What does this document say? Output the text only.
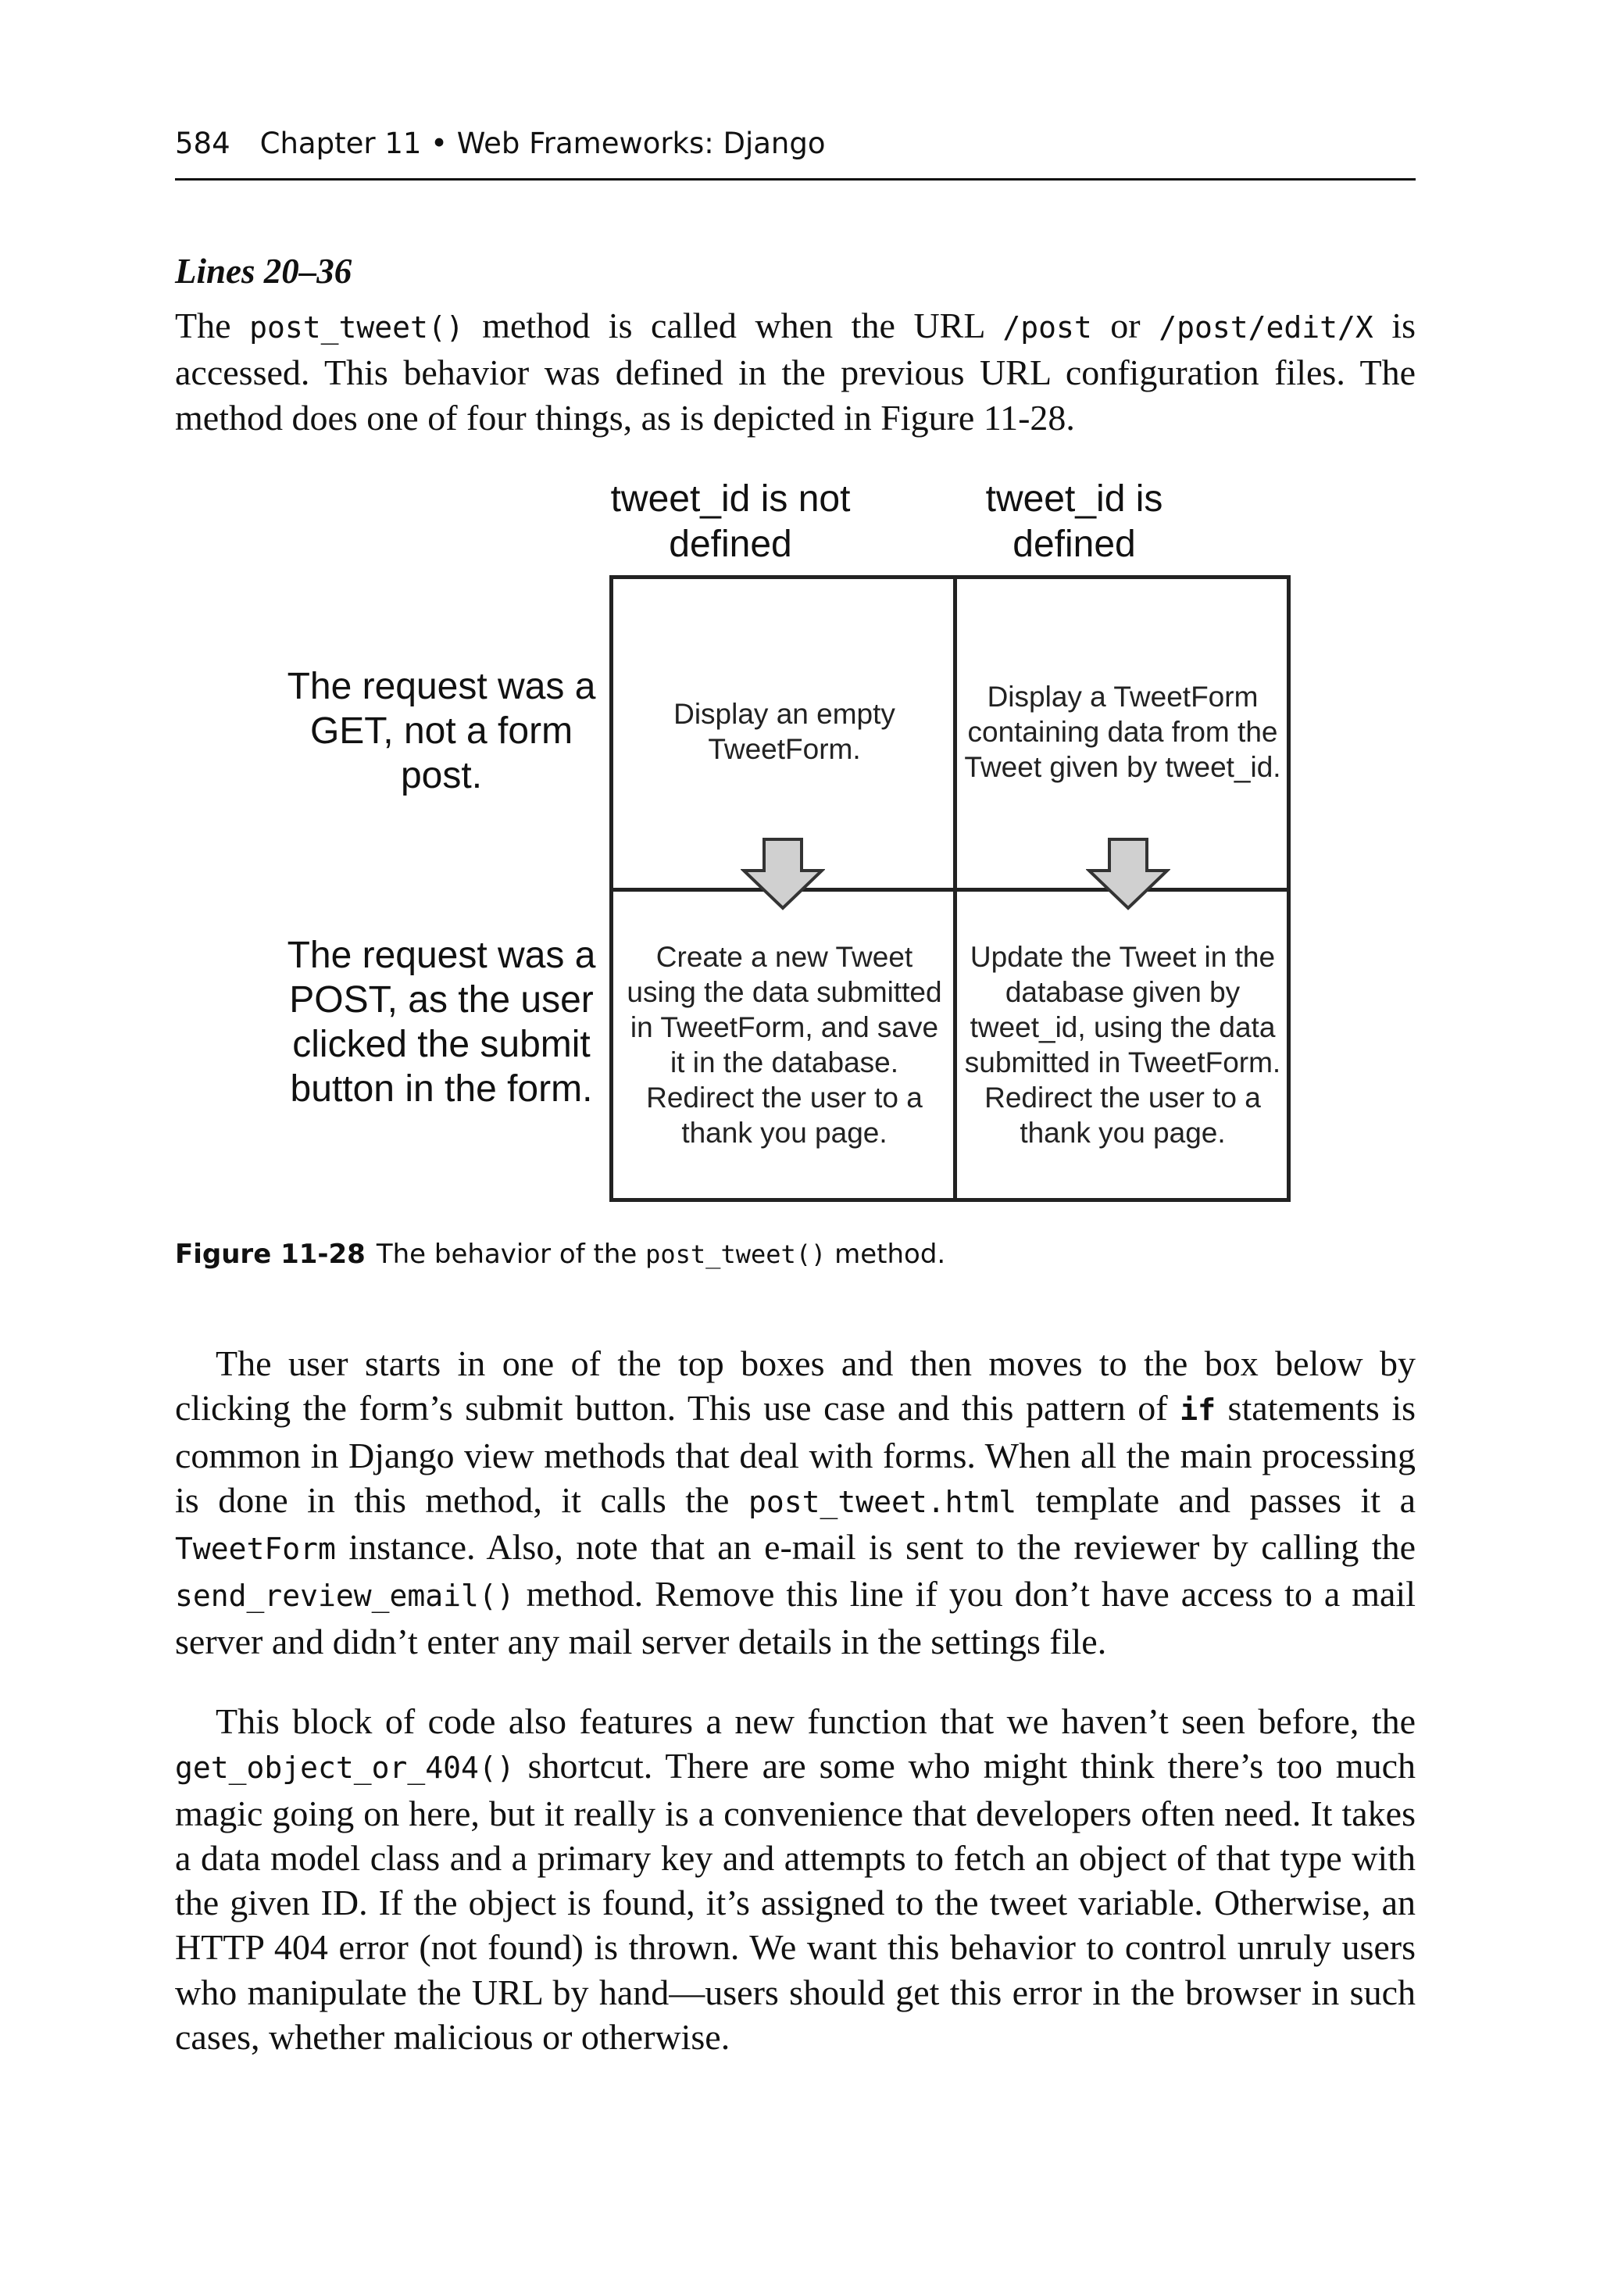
584 Chapter 11 • Web Frameworks: Django
Lines 20–36

The post_tweet() method is called when the URL /post or /post/edit/X is accessed. This behavior was defined in the previous URL configuration files. The method does one of four things, as is depicted in Figure 11-28.

tweet_id is not defined
tweet_id is defined
The request was a GET, not a form post.
The request was a POST, as the user clicked the submit button in the form.
Display an empty TweetForm.
Display a TweetForm containing data from the Tweet given by tweet_id.
Create a new Tweet using the data submitted in TweetForm, and save it in the database. Redirect the user to a thank you page.
Update the Tweet in the database given by tweet_id, using the data submitted in TweetForm. Redirect the user to a thank you page.
Figure 11-28 The behavior of the post_tweet() method.

The user starts in one of the top boxes and then moves to the box below by clicking the form’s submit button. This use case and this pattern of if statements is common in Django view methods that deal with forms. When all the main processing is done in this method, it calls the post_tweet.html template and passes it a TweetForm instance. Also, note that an e-mail is sent to the reviewer by calling the send_review_email() method. Remove this line if you don’t have access to a mail server and didn’t enter any mail server details in the settings file.

This block of code also features a new function that we haven’t seen before, the get_object_or_404() shortcut. There are some who might think there’s too much magic going on here, but it really is a convenience that developers often need. It takes a data model class and a primary key and attempts to fetch an object of that type with the given ID. If the object is found, it’s assigned to the tweet variable. Otherwise, an HTTP 404 error (not found) is thrown. We want this behavior to control unruly users who manipulate the URL by hand—users should get this error in the browser in such cases, whether malicious or otherwise.
